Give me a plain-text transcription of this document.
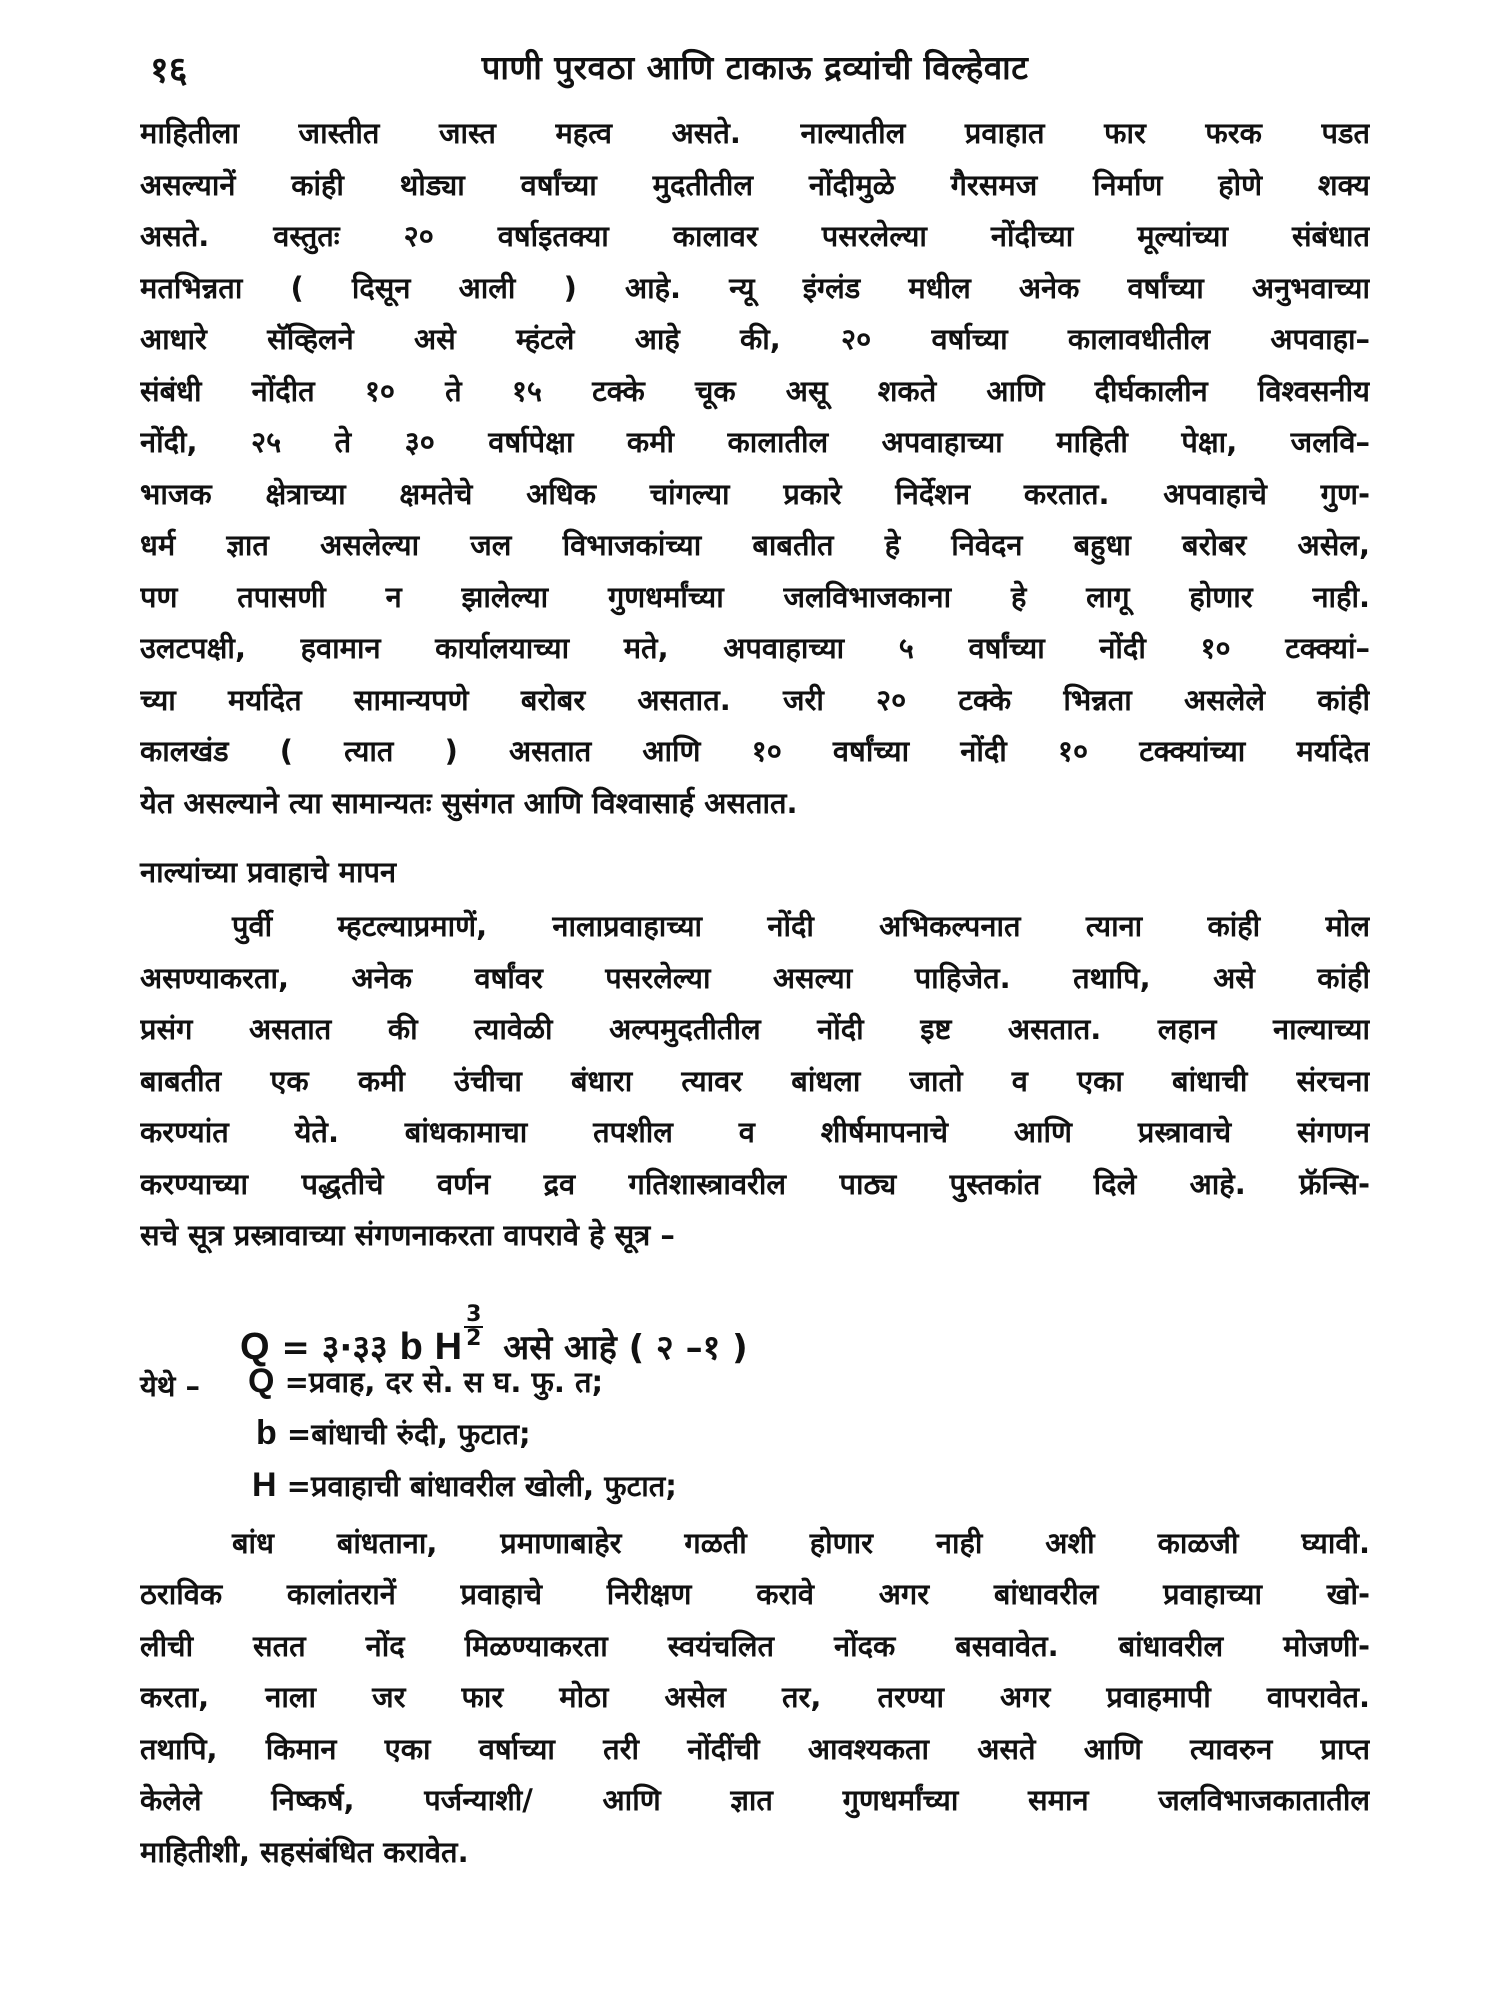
१६	पाणी पुरवठा आणि टाकाऊ द्रव्यांची विल्हेवाट

माहितीला जास्तीत जास्त महत्व असते. नाल्यातील प्रवाहात फार फरक पडत

असल्यानें कांही थोड्या वर्षांच्या मुदतीतील नोंदीमुळे गैरसमज निर्माण होणे शक्य

असते. वस्तुतः २० वर्षाइतक्या कालावर पसरलेल्या नोंदीच्या मूल्यांच्या संबंधात

मतभिन्नता ( दिसून आली ) आहे. न्यू इंग्लंड मधील अनेक वर्षांच्या अनुभवाच्या

आधारे सॅव्हिलने असे म्हंटले आहे की, २० वर्षाच्या कालावधीतील अपवाहा–

संबंधी नोंदीत १० ते १५ टक्के चूक असू शकते आणि दीर्घकालीन विश्वसनीय

नोंदी, २५ ते ३० वर्षापेक्षा कमी कालातील अपवाहाच्या माहिती पेक्षा, जलवि–

भाजक क्षेत्राच्या क्षमतेचे अधिक चांगल्या प्रकारे निर्देशन करतात. अपवाहाचे गुण-

धर्म ज्ञात असलेल्या जल विभाजकांच्या बाबतीत हे निवेदन बहुधा बरोबर असेल,

पण तपासणी न झालेल्या गुणधर्मांच्या जलविभाजकाना हे लागू होणार नाही.

उलटपक्षी, हवामान कार्यालयाच्या मते, अपवाहाच्या ५ वर्षांच्या नोंदी १० टक्क्यां–

च्या मर्यादेत सामान्यपणे बरोबर असतात. जरी २० टक्के भिन्नता असलेले कांही

कालखंड ( त्यात ) असतात आणि १० वर्षांच्या नोंदी १० टक्क्यांच्या मर्यादेत

येत असल्याने त्या सामान्यतः सुसंगत आणि विश्वासार्ह असतात.

नाल्यांच्या प्रवाहाचे मापन

पुर्वी म्हटल्याप्रमाणें, नालाप्रवाहाच्या नोंदी अभिकल्पनात त्याना कांही मोल

असण्याकरता, अनेक वर्षांवर पसरलेल्या असल्या पाहिजेत. तथापि, असे कांही

प्रसंग असतात की त्यावेळी अल्पमुदतीतील नोंदी इष्ट असतात. लहान नाल्याच्या

बाबतीत एक कमी उंचीचा बंधारा त्यावर बांधला जातो व एका बांधाची संरचना

करण्यांत येते. बांधकामाचा तपशील व शीर्षमापनाचे आणि प्रस्त्रावाचे संगणन

करण्याच्या पद्धतीचे वर्णन द्रव गतिशास्त्रावरील पाठ्य पुस्तकांत दिले आहे. फ्रॅन्सि-

सचे सूत्र प्रस्त्रावाच्या संगणनाकरता वापरावे हे सूत्र –

Q = ३·३३ b H $\frac{3}{2}$ असे आहे ( २ –१ )
येथे – Q =प्रवाह, दर से. स घ. फु. त;
b =बांधाची रुंदी, फुटात;
H =प्रवाहाची बांधावरील खोली, फुटात;

बांध बांधताना, प्रमाणाबाहेर गळती होणार नाही अशी काळजी घ्यावी.

ठराविक कालांतरानें प्रवाहाचे निरीक्षण करावे अगर बांधावरील प्रवाहाच्या खो-

लीची सतत नोंद मिळण्याकरता स्वयंचलित नोंदक बसवावेत. बांधावरील मोजणी-

करता, नाला जर फार मोठा असेल तर, तरण्या अगर प्रवाहमापी वापरावेत.

तथापि, किमान एका वर्षाच्या तरी नोंदींची आवश्यकता असते आणि त्यावरुन प्राप्त

केलेले निष्कर्ष, पर्जन्याशी/ आणि ज्ञात गुणधर्मांच्या समान जलविभाजकातातील

माहितीशी, सहसंबंधित करावेत.
